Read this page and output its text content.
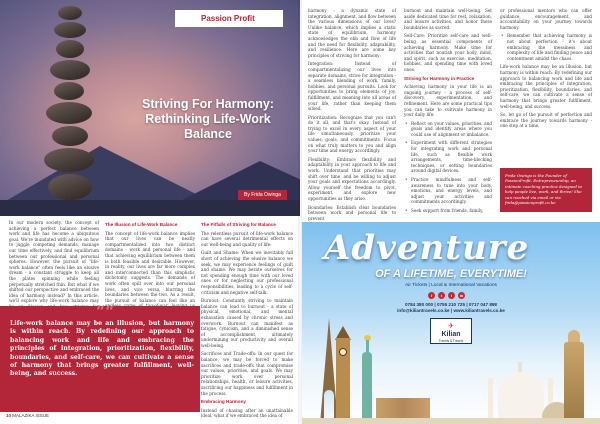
Passion Profit
Striving For Harmony:
Rethinking Life-Work
Balance
By Frida Owinga

In our modern society, the concept of achieving a perfect balance between work and life has become a ubiquitous goal. We're inundated with advice on how to juggle competing demands, manage our time effectively, and find equilibrium between our professional and personal spheres. However, the pursuit of "life-work balance" often feels like an elusive dream - a constant struggle to keep all the plates spinning while feeling perpetually stretched thin. But what if we shifted our perspective and embraced the idea of harmony instead? In this article, we'll explore why life-work balance may

The Illusion of Life-Work Balance

The concept of life-work balance implies that our lives can be neatly compartmentalized into two distinct domains - work and personal life - and that achieving equilibrium between them is both feasible and desirable. However, in reality, our lives are far more complex and interconnected than this simplistic dichotomy suggests. The demands of work often spill over into our personal lives, and vice versa, blurring the boundaries between the two. As a result, the pursuit of balance can feel like an

The Pitfalls of Striving for Balance

The relentless pursuit of life-work balance can have several detrimental effects on our well-being and quality of life:

Guilt and Shame: When we inevitably fall short of achieving the elusive balance we seek, we may experience feelings of guilt and shame. We may berate ourselves for not spending enough time with our loved ones or for neglecting our professional responsibilities, leading to a cycle of self-criticism and negative self-talk.

Burnout: Constantly striving to maintain balance can lead to burnout - a state of physical, emotional, and mental exhaustion caused by chronic stress and overwork. Burnout can manifest as fatigue, cynicism, and a diminished sense of accomplishment, ultimately undermining our productivity and overall well-being.

Sacrifices and Trade-offs: In our quest for balance, we may be forced to make sacrifices and trade-offs that compromise our values, priorities, and goals. We may prioritize work over personal relationships, health, or leisure activities, sacrificing our happiness and fulfillment in the process.

Embracing Harmony

Instead of chasing after an unattainable ideal, what if we embraced the idea of

““
Life-work balance may be an illusion, but harmony is within reach. By redefining our approach to balancing work and life and embracing the principles of integration, prioritization, flexibility, boundaries, and self-care, we can cultivate a sense of harmony that brings greater fulfillment, well-being, and success.
10 MALAZIKA ISSUE

harmony - a dynamic state of integration, alignment, and flow between the various dimensions of our lives? Unlike balance, which implies a static state of equilibrium, harmony acknowledges the ebb and flow of life and the need for flexibility, adaptability, and resilience. Here are some key principles of striving for harmony:

Integration: Instead of compartmentalizing our lives into separate domains, strive for integration - a seamless blending of work, family, hobbies, and personal pursuits. Look for opportunities to bring elements of joy, fulfillment, and meaning into all areas of your life, rather than keeping them siloed.

Prioritization: Recognize that you can't do it all, and that's okay. Instead of trying to excel in every aspect of your life simultaneously, prioritize your values, goals, and commitments. Focus on what truly matters to you and align your time and energy accordingly.

Flexibility: Embrace flexibility and adaptability in your approach to life and work. Understand that priorities may shift over time, and be willing to adjust your goals and expectations accordingly. Allow yourself the freedom to pivot, experiment, and explore new opportunities as they arise.

Boundaries: Establish clear boundaries between work and personal life to prevent

burnout and maintain well-being. Set aside dedicated time for rest, relaxation, and leisure activities, and honor these boundaries as sacred.

Self-Care: Prioritize self-care and well-being as essential components of achieving harmony. Make time for activities that nourish your body, mind, and spirit, such as exercise, meditation, hobbies, and spending time with loved ones.

Striving for Harmony in Practice

Achieving harmony in your life is an ongoing journey - a process of self-discovery, experimentation, and refinement. Here are some practical tips you can take to cultivate harmony in your daily life:

• Reflect on your values, priorities, and goals and identify areas where you could use of alignment or imbalance.
• Experiment with different strategies for integrating work and personal life, such as flexible work arrangements, time-blocking techniques, or setting boundaries around digital devices.
• Practice mindfulness and self-awareness to tune into your body, emotions, and energy levels, and adjust your activities and commitments accordingly.
• Seek support from friends, family,

or professional mentors who can offer guidance, encouragement, and accountability on your journey towards harmony.

• Remember that achieving harmony is not about perfection - it's about embracing the messiness and complexity of life and finding peace and contentment amidst the chaos.

Life-work balance may be an illusion, but harmony is within reach. By redefining our approach to balancing work and life and embracing the principles of integration, prioritization, flexibility, boundaries, and self-care, we can cultivate a sense of harmony that brings greater fulfillment, well-being, and success.

So, let go of the pursuit of perfection and embrace the journey towards harmony - one step at a time.

Frida Owinga is the Founder of PassionProfit. Entrepreneurship, an intimate coaching practice designed to help people live, work, and thrive! She can reached via email or via frida@passionprofit.co.ke
Adventure
OF A LIFETIME, EVERYTIME!
Air Tickets | Local & International Vacations
f	t	i	in
0784 380 000 | 0755 210 725 | 0717 047 898
info@kiliantravels.co.ke | www.kiliantravels.co.ke
✈
Kilian
Travels & Travels
